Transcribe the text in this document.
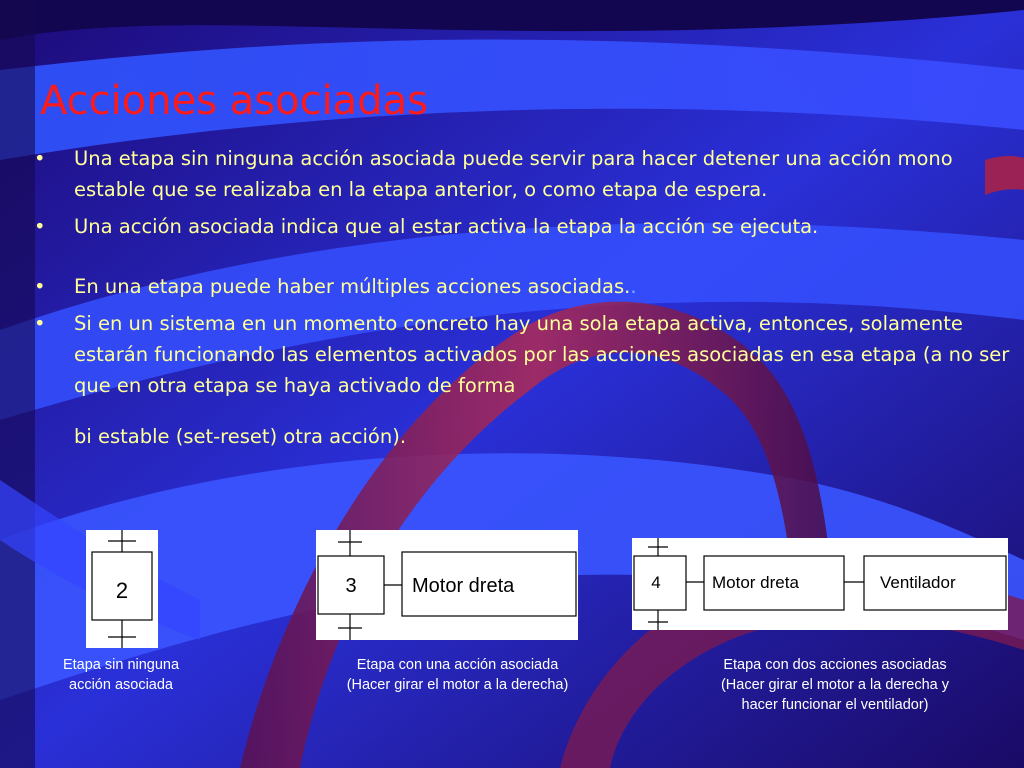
Acciones asociadas
• Una etapa sin ninguna acción asociada puede servir para hacer detener una acción mono estable que se realizaba en la etapa anterior, o como etapa de espera.
• Una acción asociada indica que al estar activa la etapa la acción se ejecuta.
• En una etapa puede haber múltiples acciones asociadas..
• Si en un sistema en un momento concreto hay una sola etapa activa, entonces, solamente estarán funcionando las elementos activados por las acciones asociadas en esa etapa (a no ser que en otra etapa se haya activado de forma
bi estable (set-reset) otra acción).
2	3	Motor dreta	4	Motor dreta	Ventilador
Etapa sin ninguna
acción asociada
Etapa con una acción asociada
(Hacer girar el motor a la derecha)
Etapa con dos acciones asociadas
(Hacer girar el motor a la derecha y
hacer funcionar el ventilador)
